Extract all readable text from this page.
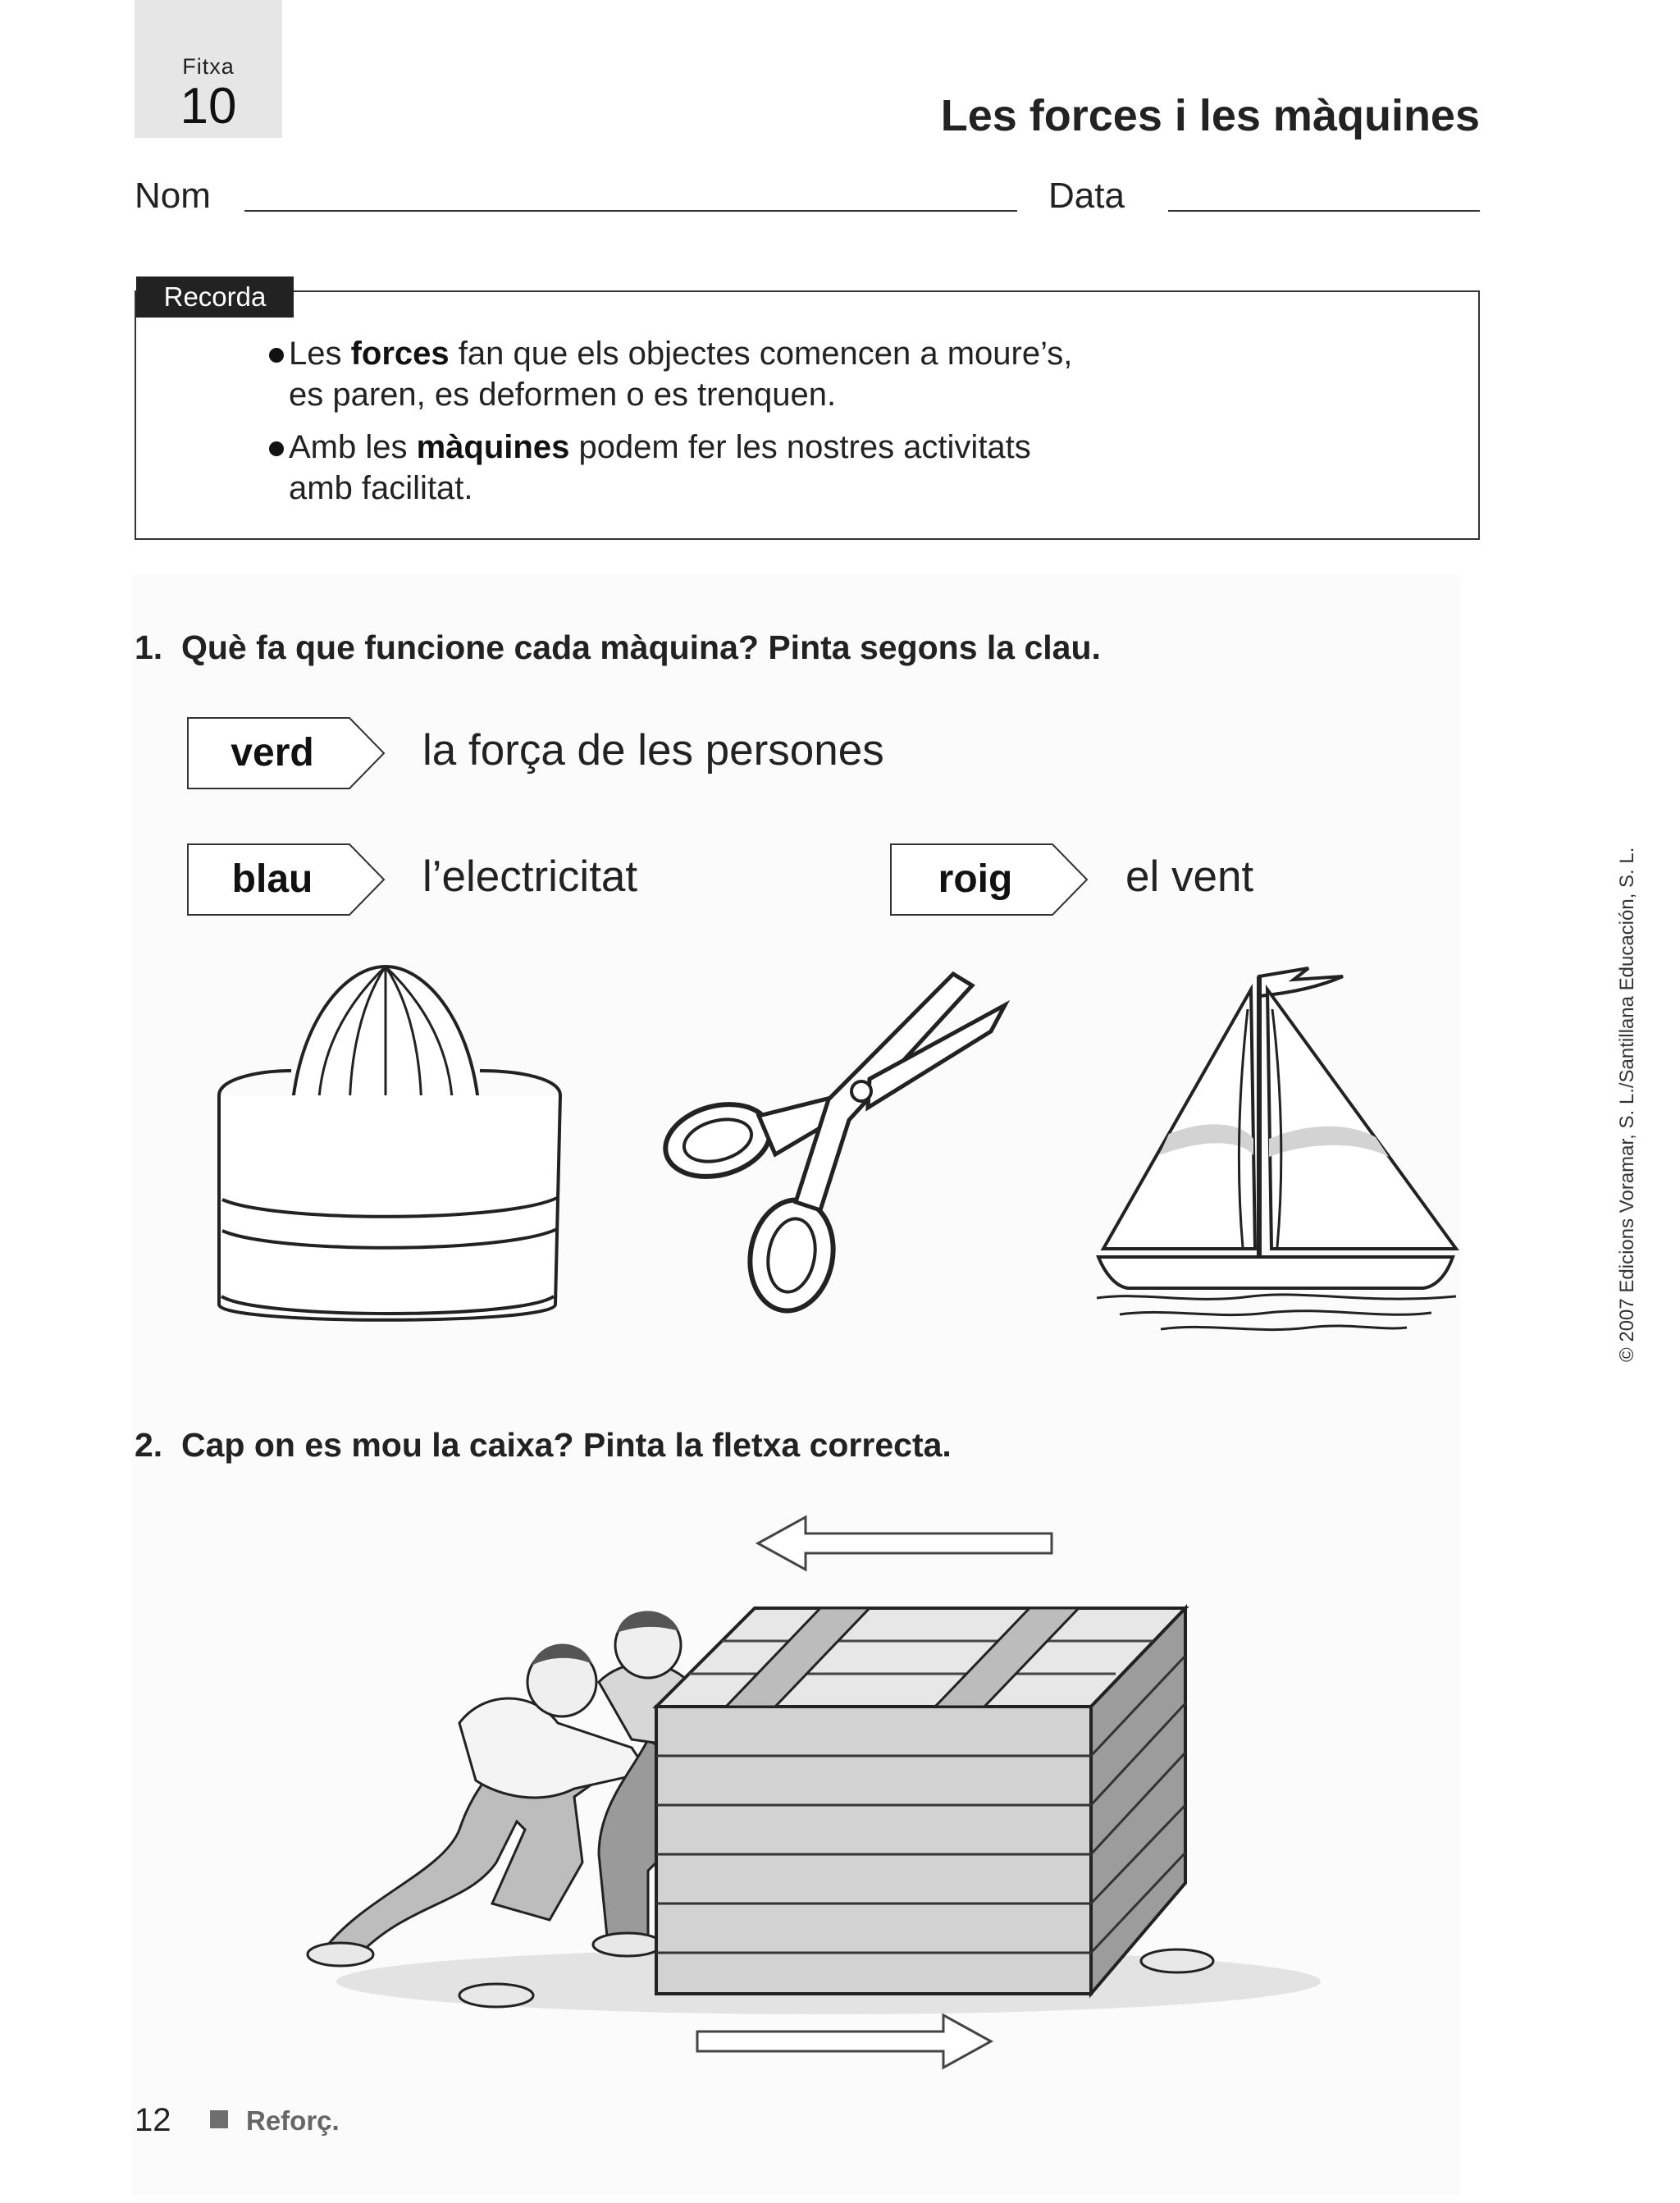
Fitxa
10	Les forces i les màquines
Nom	Data
Recorda
Les forces fan que els objectes comencen a moure’s,
es paren, es deformen o es trenquen.
Amb les màquines podem fer les nostres activitats
amb facilitat.
1. Què fa que funcione cada màquina? Pinta segons la clau.
verd	la força de les persones
blau	l’electricitat	roig	el vent	© 2007 Edicions Voramar, S. L./Santillana Educación, S. L.
2. Cap on es mou la caixa? Pinta la fletxa correcta.
12	Reforç.
